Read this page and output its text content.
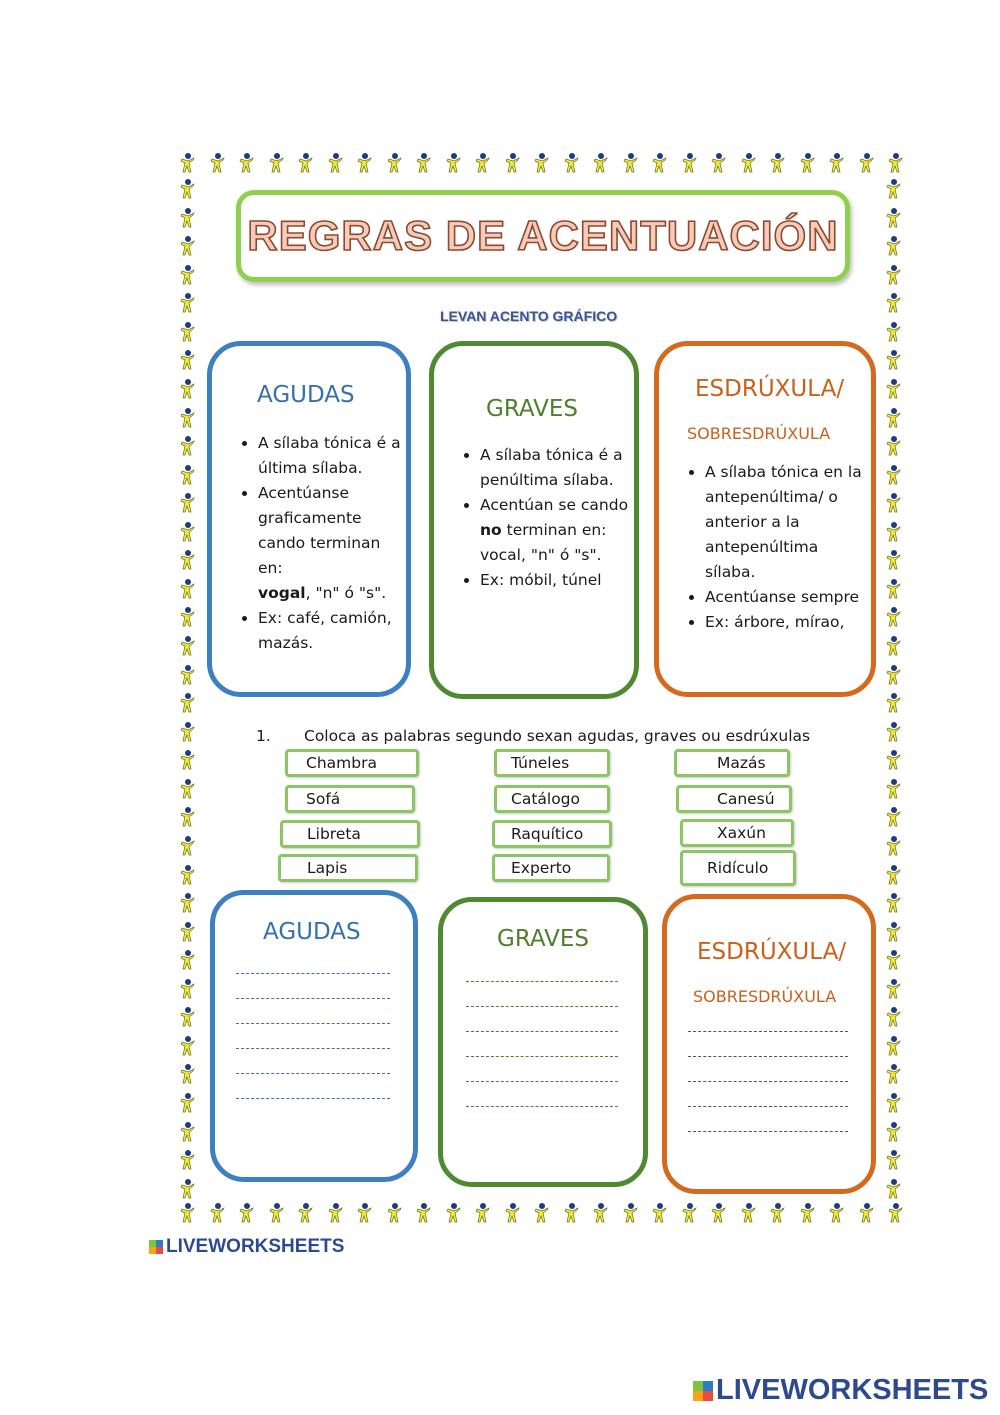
REGRAS DE ACENTUACIÓN
LEVAN ACENTO GRÁFICO
AGUDAS
• A sílaba tónica é a última sílaba.
• Acentúanse graficamente cando terminan en:
vogal, "n" ó "s".
• Ex: café, camión, mazás.
GRAVES
• A sílaba tónica é a penúltima sílaba.
• Acentúan se cando no terminan en:
vocal, "n" ó "s".
• Ex: móbil, túnel
ESDRÚXULA/
SOBRESDRÚXULA
• A sílaba tónica en la antepenúltima/ o anterior a la antepenúltima sílaba.
• Acentúanse sempre
• Ex: árbore, mírao,
1. Coloca as palabras segundo sexan agudas, graves ou esdrúxulas
Chambra
Sofá
Libreta
Lapis
Túneles
Catálogo
Raquítico
Experto
Mazás
Canesú
Xaxún
Ridículo
AGUDAS	GRAVES	ESDRÚXULA/
SOBRESDRÚXULA
LIVEWORKSHEETS
LIVEWORKSHEETS
